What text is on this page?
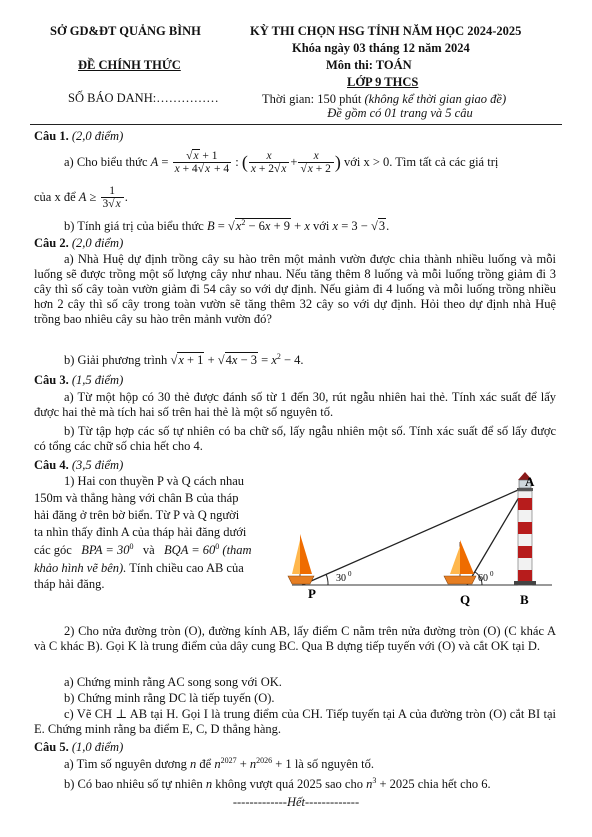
SỞ GD&ĐT QUẢNG BÌNH
ĐỀ CHÍNH THỨC
SỐ BÁO DANH:……………
KỲ THI CHỌN HSG TỈNH NĂM HỌC 2024-2025
Khóa ngày 03 tháng 12 năm 2024
Môn thi: TOÁN
LỚP 9 THCS
Thời gian: 150 phút (không kể thời gian giao đề)
Đề gồm có 01 trang và 5 câu
Câu 1. (2,0 điểm)
a) Cho biểu thức
$A = \frac{√x + 1}{x + 4√x + 4}$ : ( $\frac{x}{x + 2√x} + \frac{x}{√x + 2}$ )
với x > 0. Tìm tất cả các giá trị
của x để
$A \ge \frac{1}{3√x}$ .
b) Tính giá trị của biểu thức $B = √x^2 - 6x + 9 + x$ với x = 3 − √3.
Câu 2. (2,0 điểm)
a) Nhà Huệ dự định trồng cây su hào trên một mảnh vườn được chia thành nhiều luống và mỗi luống sẽ được trồng một số lượng cây như nhau. Nếu tăng thêm 8 luống và mỗi luống trồng giảm đi 3 cây thì số cây toàn vườn giảm đi 54 cây so với dự định. Nếu giảm đi 4 luống và mỗi luống trồng nhiều hơn 2 cây thì số cây trong toàn vườn sẽ tăng thêm 32 cây so với dự định. Hỏi theo dự định nhà Huệ trồng bao nhiêu cây su hào trên mảnh vườn đó?
b) Giải phương trình $√x + 1 + √4x - 3 = x^2 - 4$.
Câu 3. (1,5 điểm)
a) Từ một hộp có 30 thẻ được đánh số từ 1 đến 30, rút ngẫu nhiên hai thẻ. Tính xác suất để lấy được hai thẻ mà tích hai số trên hai thẻ là một số nguyên tố.
b) Từ tập hợp các số tự nhiên có ba chữ số, lấy ngẫu nhiên một số. Tính xác suất để số lấy được có tổng các chữ số chia hết cho 4.
Câu 4. (3,5 điểm)
1) Hai con thuyền P và Q cách nhau
150m và thẳng hàng với chân B của tháp
hải đăng ở trên bờ biển. Từ P và Q người
ta nhìn thấy đỉnh A của tháp hải đăng dưới
các góc BPA = $30^0$ và BQA = $60^0$ (tham
khảo hình vẽ bên). Tính chiều cao AB của
tháp hải đăng.
A
P	Q	B
30 0	60 0
2) Cho nửa đường tròn (O), đường kính AB, lấy điểm C nằm trên nửa đường tròn (O) (C khác A và C khác B). Gọi K là trung điểm của dây cung BC. Qua B dựng tiếp tuyến với (O) và cắt OK tại D.
a) Chứng minh rằng AC song song với OK.
b) Chứng minh rằng DC là tiếp tuyến (O).
c) Vẽ CH ⊥ AB tại H. Gọi I là trung điểm của CH. Tiếp tuyến tại A của đường tròn (O) cắt BI tại E. Chứng minh rằng ba điểm E, C, D thẳng hàng.
Câu 5. (1,0 điểm)
a) Tìm số nguyên dương n để $n^{2027} + n^{2026} + 1$ là số nguyên tố.
b) Có bao nhiêu số tự nhiên n không vượt quá 2025 sao cho $n^3 + 2025$ chia hết cho 6.
-------------Hết-------------
